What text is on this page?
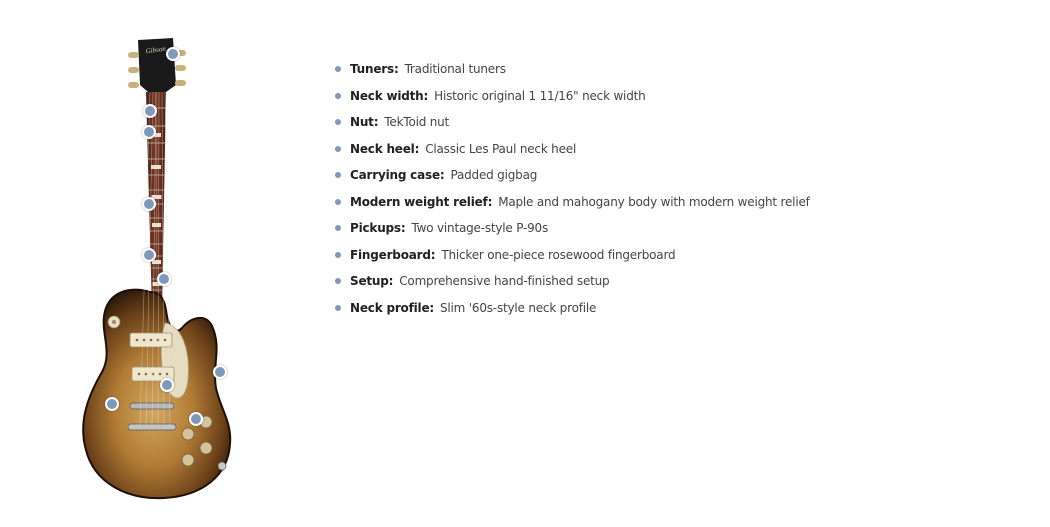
Gibson
Tuners: Traditional tuners
Neck width: Historic original 1 11/16" neck width
Nut: TekToid nut
Neck heel: Classic Les Paul neck heel
Carrying case: Padded gigbag
Modern weight relief: Maple and mahogany body with modern weight relief
Pickups: Two vintage-style P-90s
Fingerboard: Thicker one-piece rosewood fingerboard
Setup: Comprehensive hand-finished setup
Neck profile: Slim '60s-style neck profile
